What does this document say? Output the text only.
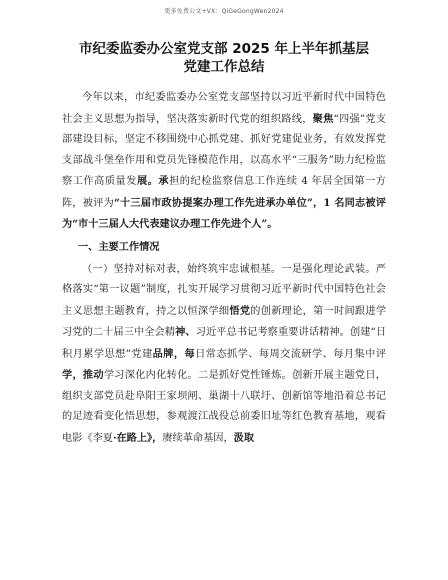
更多免费公文+VX：QiGeGongWen2024
市纪委监委办公室党支部 2025 年上半年抓基层
党建工作总结

今年以来，市纪委监委办公室党支部坚持以习近平新时代中国特色社会主义思想为指导，坚决落实新时代党的组织路线，聚焦“四强”党支部建设目标，坚定不移围绕中心抓党建、抓好党建促业务，有效发挥党支部战斗堡垒作用和党员先锋模范作用，以高水平“三服务”助力纪检监察工作高质量发展。承担的纪检监察信息工作连续 4 年居全国第一方阵，被评为“十三届市政协提案办理工作先进承办单位”，1 名同志被评为“市十三届人大代表建议办理工作先进个人”。

一、主要工作情况

（一）坚持对标对表，始终筑牢忠诚根基。一是强化理论武装。严格落实“第一议题”制度，扎实开展学习贯彻习近平新时代中国特色社会主义思想主题教育，持之以恒深学细悟党的创新理论，第一时间跟进学习党的二十届三中全会精神、习近平总书记考察重要讲话精神。创建“日积月累学思想”党建品牌，每日常态抓学、每周交流研学、每月集中评学，推动学习深化内化转化。二是抓好党性锤炼。创新开展主题党日，组织支部党员赴阜阳王家坝闸、巢湖十八联圩、创新馆等地沿着总书记的足迹看变化悟思想，参观渡江战役总前委旧址等红色教育基地，观看电影《李夏·在路上》，赓续革命基因，汲取
